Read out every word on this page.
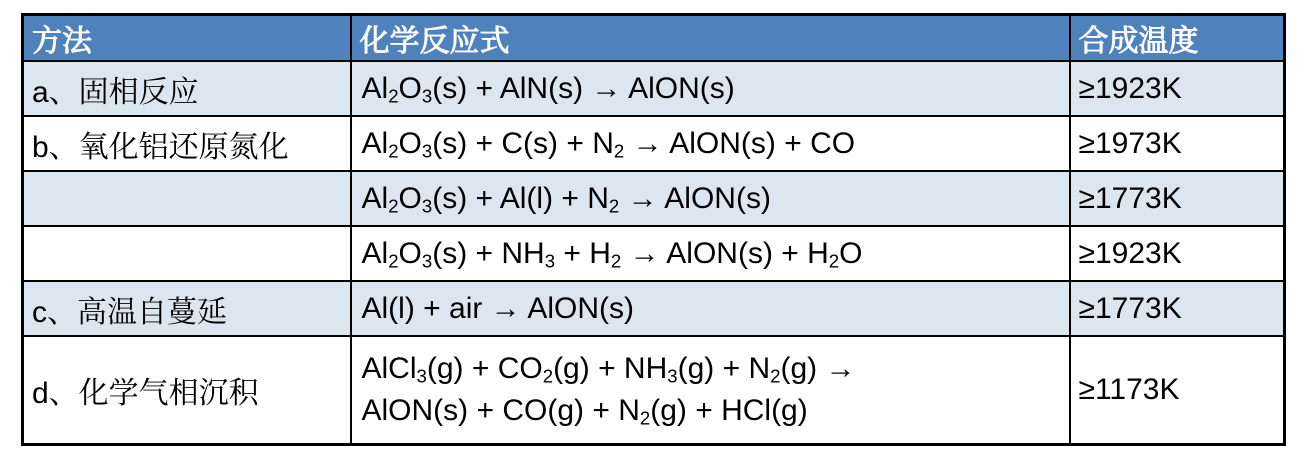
方法	化学反应式	合成温度
a、固相反应	$Al_2O_3(s) + AlN(s)$ → AlON(s)	≥1923K
b、氧化铝还原氮化	$Al_2O_3(s) + C(s) + N_2$ → AlON(s) + CO	≥1973K
	$Al_2O_3(s) + Al(l) + N_2$ → AlON(s)	≥1773K
	$Al_2O_3(s) + NH_3 + H_2$ → AlON(s) + $H_2O$	≥1923K
c、高温自蔓延	Al(l) + air → AlON(s)	≥1773K
d、化学气相沉积	AlCl$_3$(g) + $CO_2(g) + NH_3(g) + N_2(g)$ →
AlON(s) + $CO(g) + N_2(g) + HCl(g)$	≥1173K
